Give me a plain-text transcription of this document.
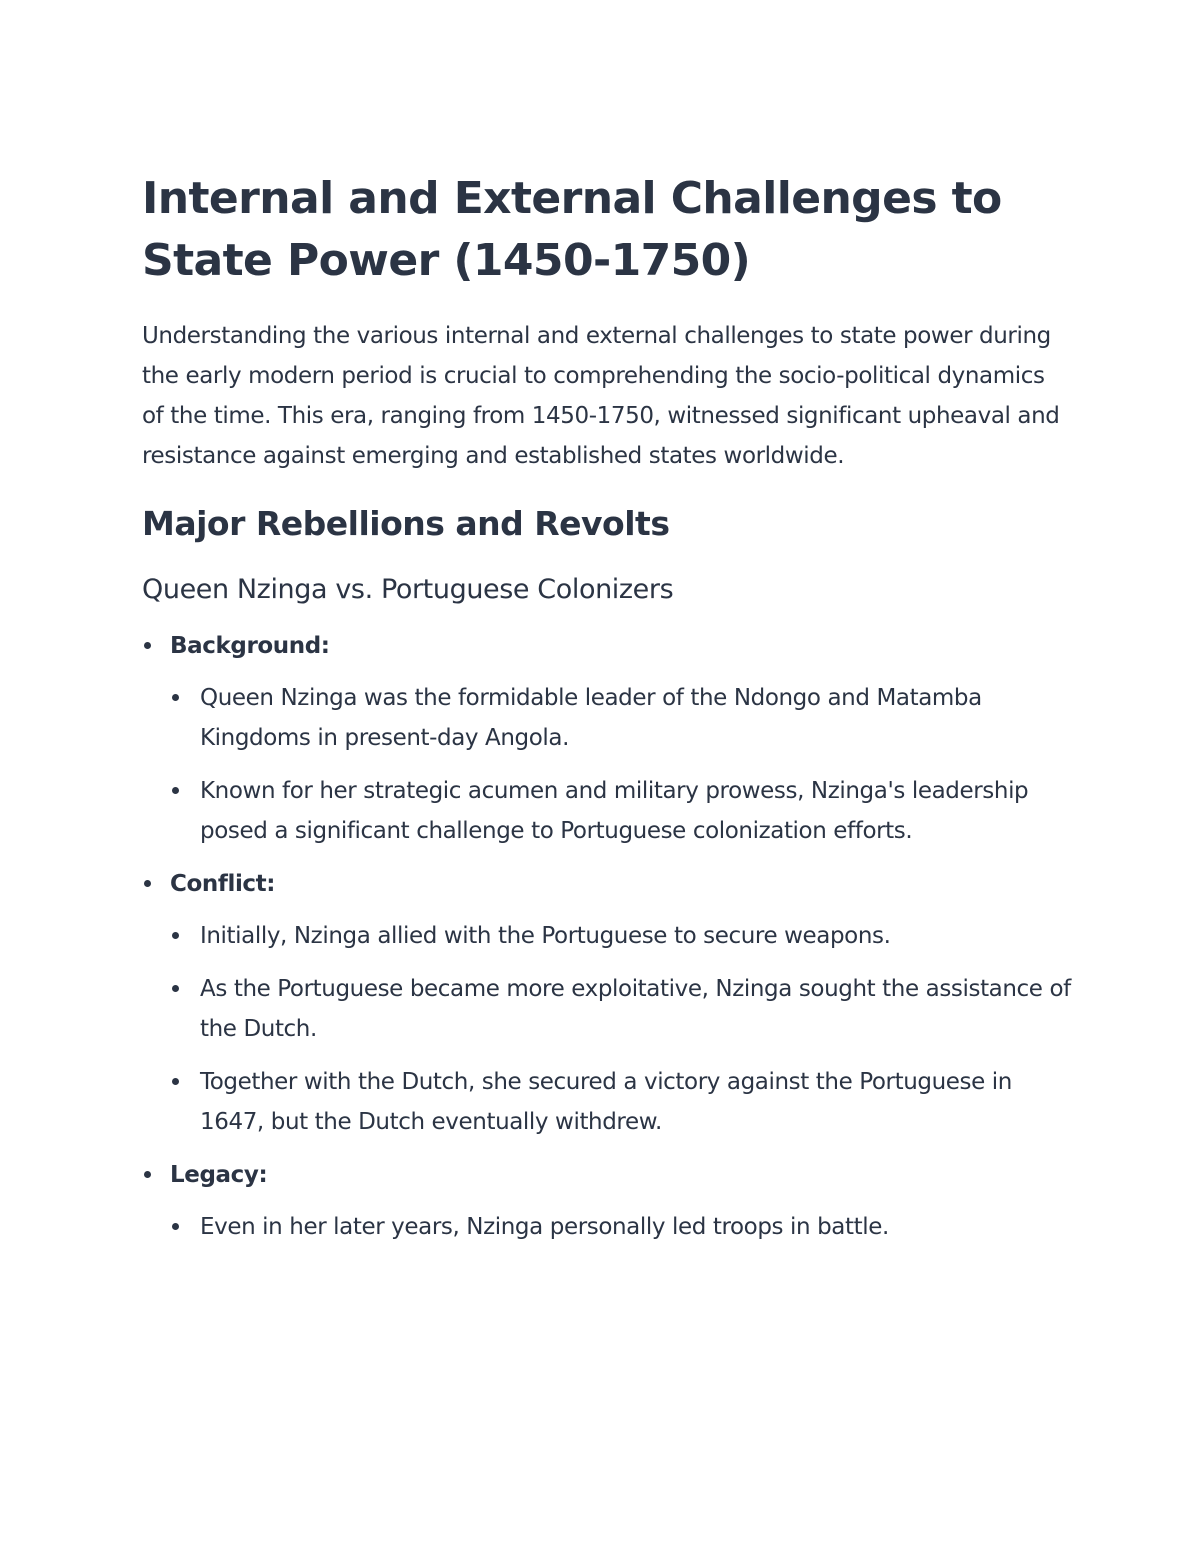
Internal and External Challenges to State Power (1450-1750)

Understanding the various internal and external challenges to state power during the early modern period is crucial to comprehending the socio-political dynamics of the time. This era, ranging from 1450-1750, witnessed significant upheaval and resistance against emerging and established states worldwide.

Major Rebellions and Revolts
Queen Nzinga vs. Portuguese Colonizers
Background:
Queen Nzinga was the formidable leader of the Ndongo and Matamba Kingdoms in present-day Angola.
Known for her strategic acumen and military prowess, Nzinga's leadership posed a significant challenge to Portuguese colonization efforts.
Conflict:
Initially, Nzinga allied with the Portuguese to secure weapons.
As the Portuguese became more exploitative, Nzinga sought the assistance of the Dutch.
Together with the Dutch, she secured a victory against the Portuguese in 1647, but the Dutch eventually withdrew.
Legacy:
Even in her later years, Nzinga personally led troops in battle.
